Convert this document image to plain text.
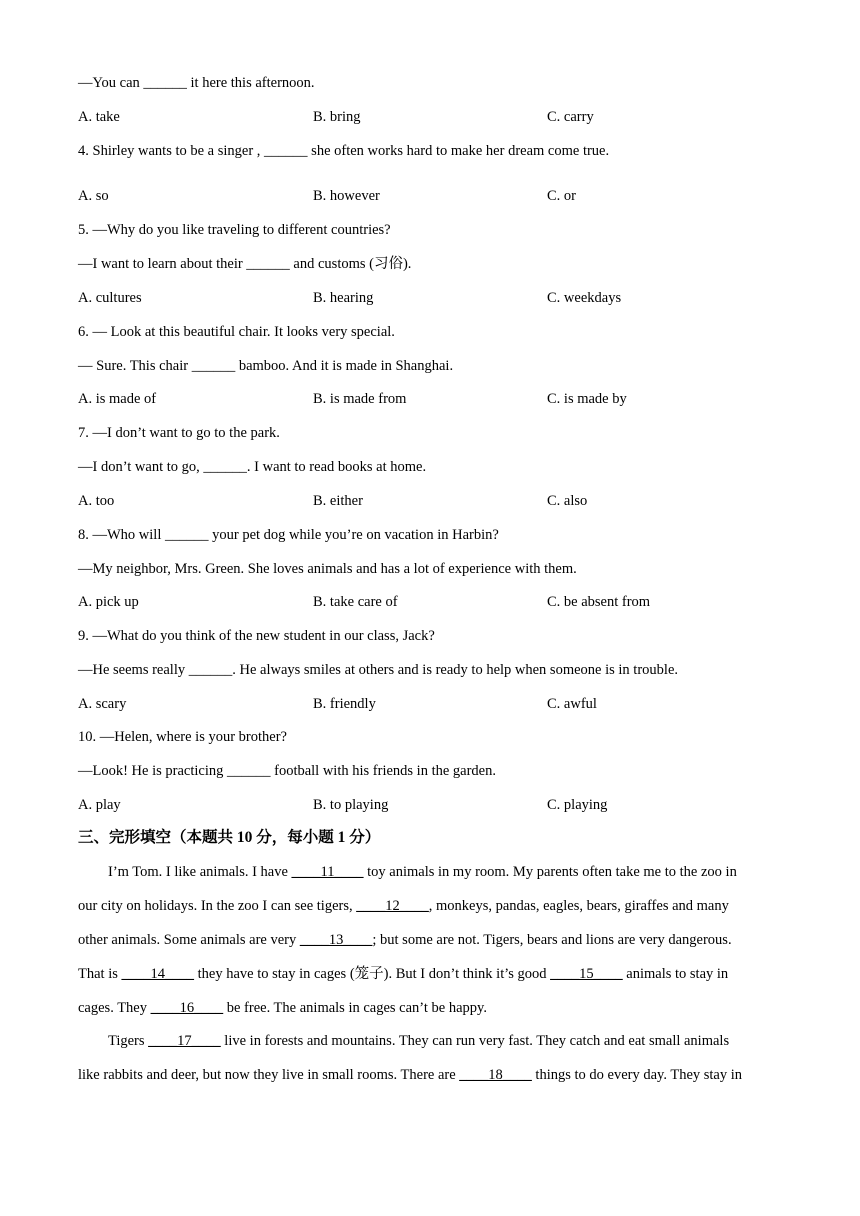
—You can ______ it here this afternoon.
A. take	B. bring	C. carry
4. Shirley wants to be a singer , ______ she often works hard to make her dream come true.
A. so	B. however	C. or
5. —Why do you like traveling to different countries?
—I want to learn about their ______ and customs (习俗).
A. cultures	B. hearing	C. weekdays
6. — Look at this beautiful chair. It looks very special.
— Sure. This chair ______ bamboo. And it is made in Shanghai.
A. is made of	B. is made from	C. is made by
7. —I don’t want to go to the park.
—I don’t want to go, ______. I want to read books at home.
A. too	B. either	C. also
8. —Who will ______ your pet dog while you’re on vacation in Harbin?
—My neighbor, Mrs. Green. She loves animals and has a lot of experience with them.
A. pick up	B. take care of	C. be absent from
9. —What do you think of the new student in our class, Jack?
—He seems really ______. He always smiles at others and is ready to help when someone is in trouble.
A. scary	B. friendly	C. awful
10. —Helen, where is your brother?
—Look! He is practicing ______ football with his friends in the garden.
A. play	B. to playing	C. playing
三、完形填空（本题共 10 分，每小题 1 分）
I’m Tom. I like animals. I have ____11____ toy animals in my room. My parents often take me to the zoo in
our city on holidays. In the zoo I can see tigers, ____12____, monkeys, pandas, eagles, bears, giraffes and many
other animals. Some animals are very ____13____; but some are not. Tigers, bears and lions are very dangerous.
That is ____14____ they have to stay in cages (笼子). But I don’t think it’s good ____15____ animals to stay in
cages. They ____16____ be free. The animals in cages can’t be happy.
Tigers ____17____ live in forests and mountains. They can run very fast. They catch and eat small animals
like rabbits and deer, but now they live in small rooms. There are ____18____ things to do every day. They stay in
